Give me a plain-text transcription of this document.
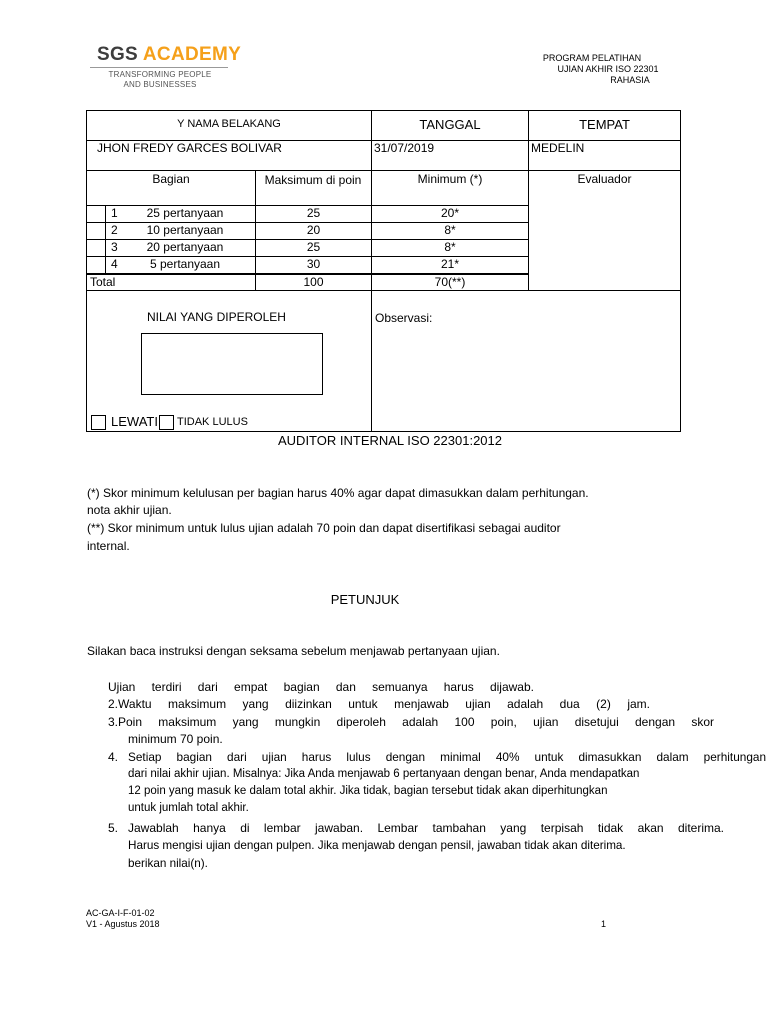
SGS ACADEMY
TRANSFORMING PEOPLE
AND BUSINESSES
PROGRAM PELATIHAN
UJIAN AKHIR ISO 22301
RAHASIA
Y NAMA BELAKANG	TANGGAL	TEMPAT
JHON FREDY GARCES BOLIVAR	31/07/2019	MEDELIN
Bagian	Maksimum di poin	Minimum (*)	Evaluador
1	25 pertanyaan	25	20*
2	10 pertanyaan	20	8*
3	20 pertanyaan	25	8*
4	5 pertanyaan	30	21*
Total	100	70(**)
NILAI YANG DIPEROLEH
LEWATI TIDAK LULUS
Observasi:
AUDITOR INTERNAL ISO 22301:2012
(*) Skor minimum kelulusan per bagian harus 40% agar dapat dimasukkan dalam perhitungan.
nota akhir ujian.
(**) Skor minimum untuk lulus ujian adalah 70 poin dan dapat disertifikasi sebagai auditor
internal.
PETUNJUK
Silakan baca instruksi dengan seksama sebelum menjawab pertanyaan ujian.
Ujian terdiri dari empat bagian dan semuanya harus dijawab.
2.Waktu maksimum yang diizinkan untuk menjawab ujian adalah dua (2) jam.
3.Poin maksimum yang mungkin diperoleh adalah 100 poin, ujian disetujui dengan skor
minimum 70 poin.
4. Setiap bagian dari ujian harus lulus dengan minimal 40% untuk dimasukkan dalam perhitungan
dari nilai akhir ujian. Misalnya: Jika Anda menjawab 6 pertanyaan dengan benar, Anda mendapatkan
12 poin yang masuk ke dalam total akhir. Jika tidak, bagian tersebut tidak akan diperhitungkan
untuk jumlah total akhir.
5. Jawablah hanya di lembar jawaban. Lembar tambahan yang terpisah tidak akan diterima.
Harus mengisi ujian dengan pulpen. Jika menjawab dengan pensil, jawaban tidak akan diterima.
berikan nilai(n).
AC-GA-I-F-01-02
V1 - Agustus 2018	1
